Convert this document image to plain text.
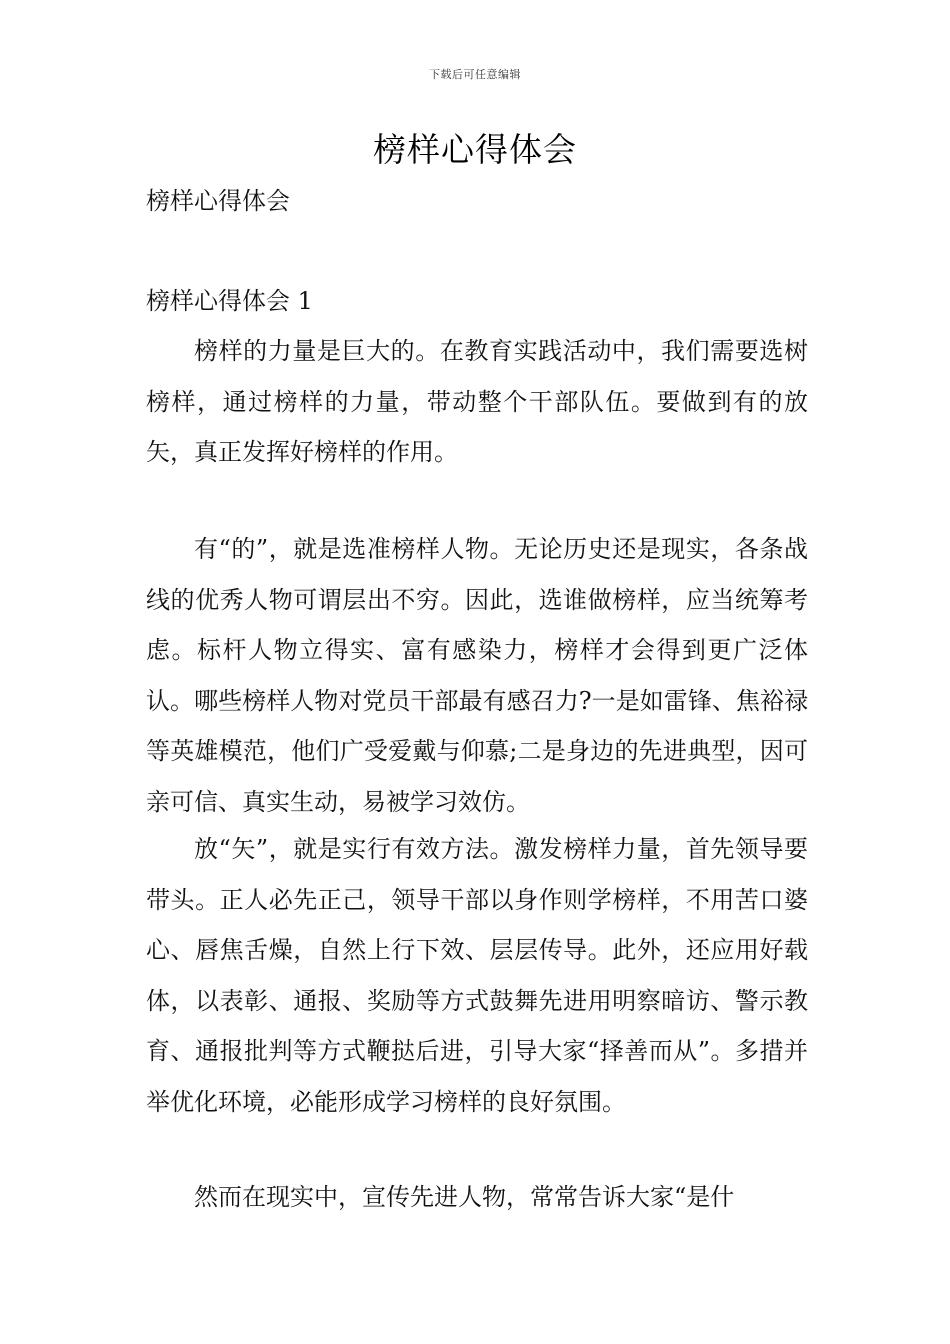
下载后可任意编辑
榜样心得体会
榜样心得体会
榜样心得体会 1

榜样的力量是巨大的。在教育实践活动中，我们需要选树榜样，通过榜样的力量，带动整个干部队伍。要做到有的放矢，真正发挥好榜样的作用。

有“的”，就是选准榜样人物。无论历史还是现实，各条战线的优秀人物可谓层出不穷。因此，选谁做榜样，应当统筹考虑。标杆人物立得实、富有感染力，榜样才会得到更广泛体认。哪些榜样人物对党员干部最有感召力?一是如雷锋、焦裕禄等英雄模范，他们广受爱戴与仰慕;二是身边的先进典型，因可亲可信、真实生动，易被学习效仿。

放“矢”，就是实行有效方法。激发榜样力量，首先领导要带头。正人必先正己，领导干部以身作则学榜样，不用苦口婆心、唇焦舌燥，自然上行下效、层层传导。此外，还应用好载体，以表彰、通报、奖励等方式鼓舞先进用明察暗访、警示教育、通报批判等方式鞭挞后进，引导大家“择善而从”。多措并举优化环境，必能形成学习榜样的良好氛围。

然而在现实中，宣传先进人物，常常告诉大家“是什
